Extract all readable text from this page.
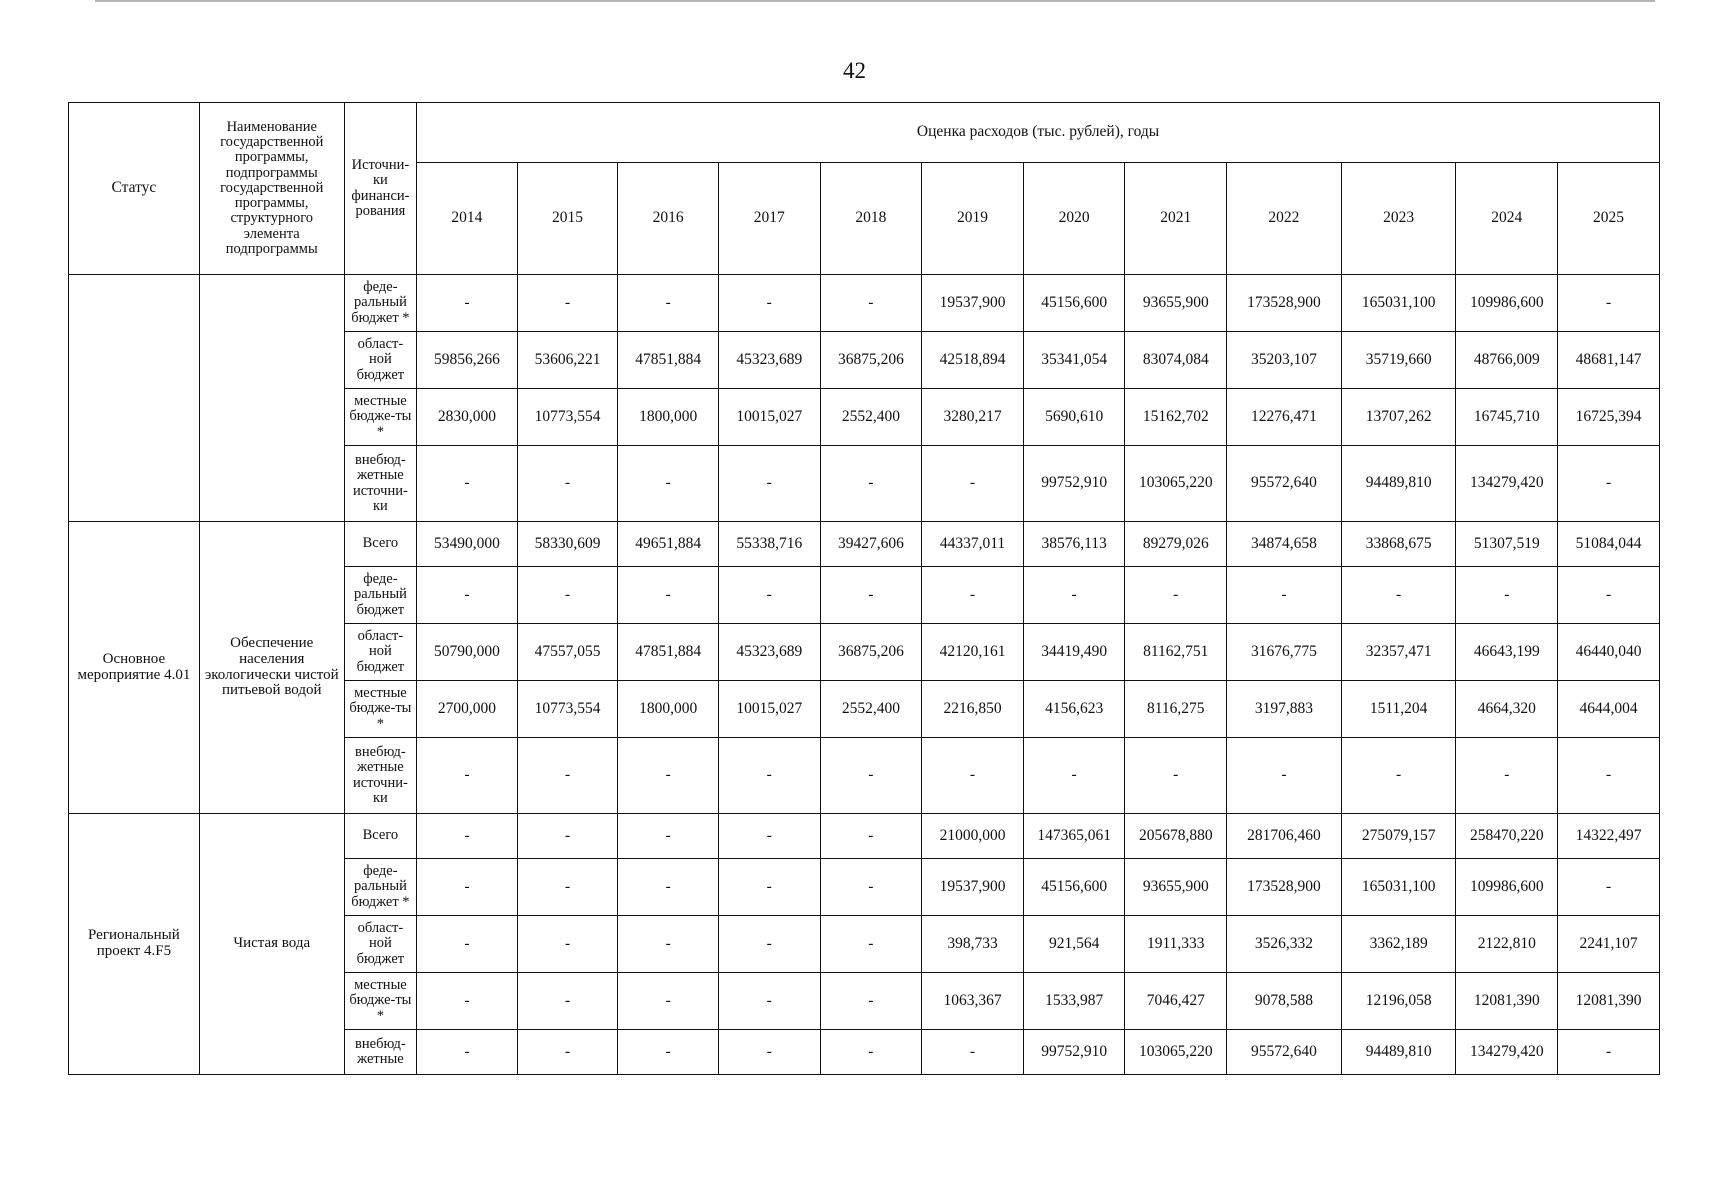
42
Статус	Наименование государственной программы, подпрограммы государственной программы, структурного элемента подпрограммы	Источни-ки финанси-рования	Оценка расходов (тыс. рублей), годы											
			2014	2015	2016	2017	2018	2019	2020	2021	2022	2023	2024	2025
		феде-ральный бюджет *	-	-	-	-	-	19537,900	45156,600	93655,900	173528,900	165031,100	109986,600	-
		област-ной бюджет	59856,266	53606,221	47851,884	45323,689	36875,206	42518,894	35341,054	83074,084	35203,107	35719,660	48766,009	48681,147
		местные бюдже-ты *	2830,000	10773,554	1800,000	10015,027	2552,400	3280,217	5690,610	15162,702	12276,471	13707,262	16745,710	16725,394
		внебюд-жетные источни-ки	-	-	-	-	-	-	99752,910	103065,220	95572,640	94489,810	134279,420	-
Основное мероприятие 4.01	Обеспечение населения экологически чистой питьевой водой	Всего	53490,000	58330,609	49651,884	55338,716	39427,606	44337,011	38576,113	89279,026	34874,658	33868,675	51307,519	51084,044
		феде-ральный бюджет	-	-	-	-	-	-	-	-	-	-	-	-
		област-ной бюджет	50790,000	47557,055	47851,884	45323,689	36875,206	42120,161	34419,490	81162,751	31676,775	32357,471	46643,199	46440,040
		местные бюдже-ты *	2700,000	10773,554	1800,000	10015,027	2552,400	2216,850	4156,623	8116,275	3197,883	1511,204	4664,320	4644,004
		внебюд-жетные источни-ки	-	-	-	-	-	-	-	-	-	-	-	-
Региональный проект 4.F5	Чистая вода	Всего	-	-	-	-	-	21000,000	147365,061	205678,880	281706,460	275079,157	258470,220	14322,497
		феде-ральный бюджет *	-	-	-	-	-	19537,900	45156,600	93655,900	173528,900	165031,100	109986,600	-
		област-ной бюджет	-	-	-	-	-	398,733	921,564	1911,333	3526,332	3362,189	2122,810	2241,107
		местные бюдже-ты *	-	-	-	-	-	1063,367	1533,987	7046,427	9078,588	12196,058	12081,390	12081,390
		внебюд-жетные	-	-	-	-	-	-	99752,910	103065,220	95572,640	94489,810	134279,420	-
